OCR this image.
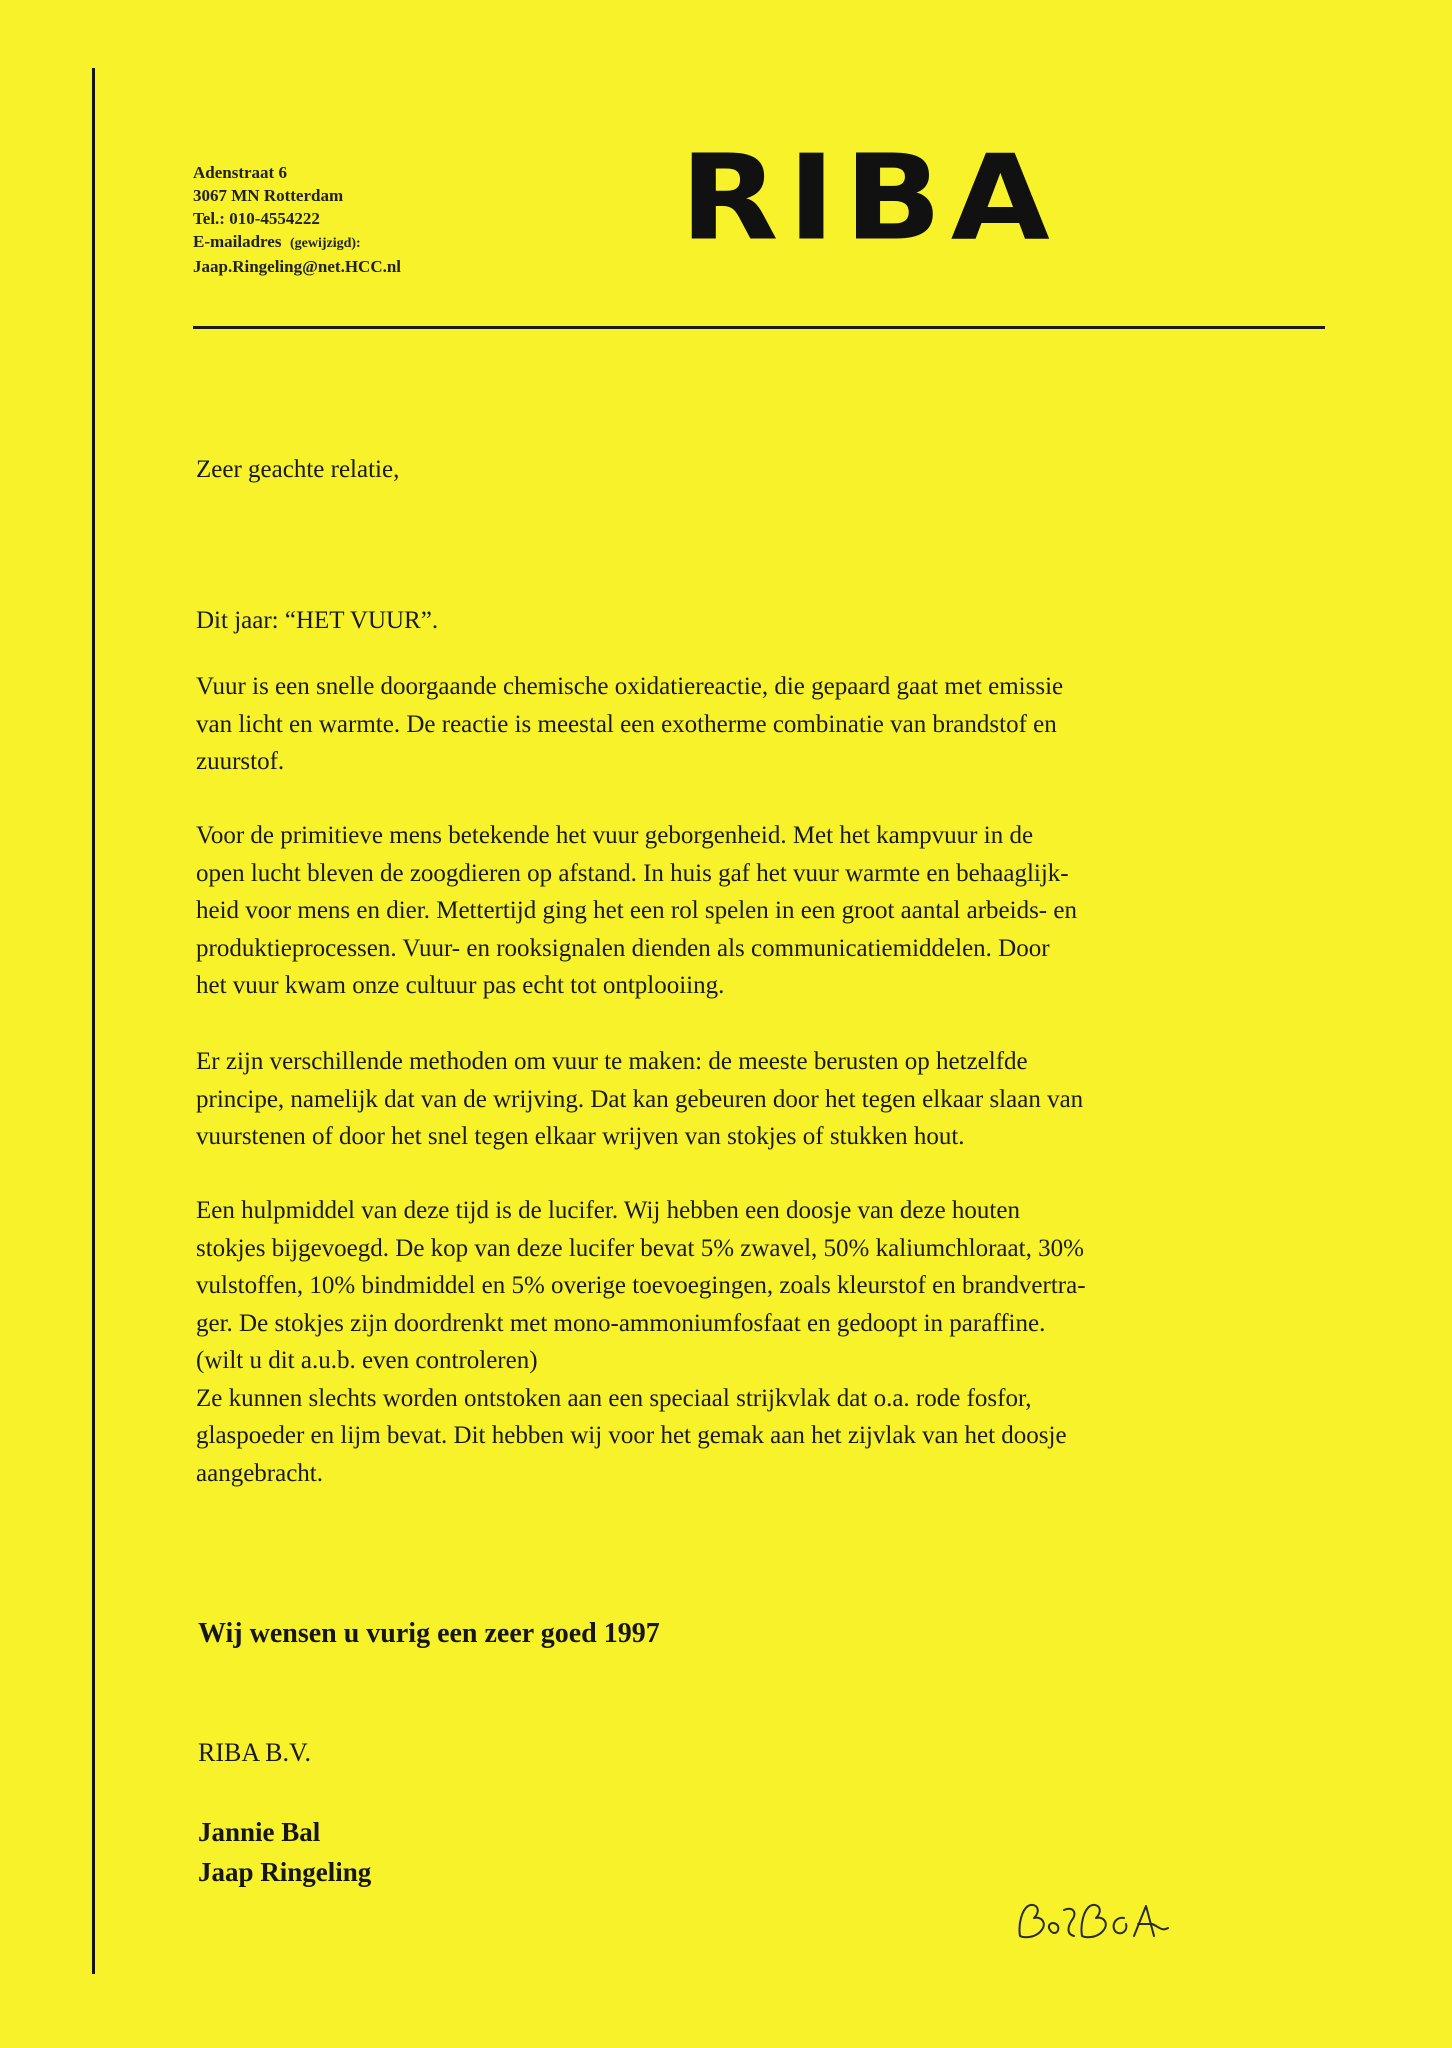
Adenstraat 6
3067 MN Rotterdam
Tel.: 010-4554222
E-mailadres (gewijzigd):
Jaap.Ringeling@net.HCC.nl RIBA
Zeer geachte relatie,
Dit jaar: “HET VUUR”.
Vuur is een snelle doorgaande chemische oxidatiereactie, die gepaard gaat met emissie
van licht en warmte. De reactie is meestal een exotherme combinatie van brandstof en
zuurstof.
Voor de primitieve mens betekende het vuur geborgenheid. Met het kampvuur in de
open lucht bleven de zoogdieren op afstand. In huis gaf het vuur warmte en behaaglijk-
heid voor mens en dier. Mettertijd ging het een rol spelen in een groot aantal arbeids- en
produktieprocessen. Vuur- en rooksignalen dienden als communicatiemiddelen. Door
het vuur kwam onze cultuur pas echt tot ontplooiing.
Er zijn verschillende methoden om vuur te maken: de meeste berusten op hetzelfde
principe, namelijk dat van de wrijving. Dat kan gebeuren door het tegen elkaar slaan van
vuurstenen of door het snel tegen elkaar wrijven van stokjes of stukken hout.
Een hulpmiddel van deze tijd is de lucifer. Wij hebben een doosje van deze houten
stokjes bijgevoegd. De kop van deze lucifer bevat 5% zwavel, 50% kaliumchloraat, 30%
vulstoffen, 10% bindmiddel en 5% overige toevoegingen, zoals kleurstof en brandvertra-
ger. De stokjes zijn doordrenkt met mono-ammoniumfosfaat en gedoopt in paraffine.
(wilt u dit a.u.b. even controleren)
Ze kunnen slechts worden ontstoken aan een speciaal strijkvlak dat o.a. rode fosfor,
glaspoeder en lijm bevat. Dit hebben wij voor het gemak aan het zijvlak van het doosje
aangebracht.
Wij wensen u vurig een zeer goed 1997
RIBA B.V.
Jannie Bal
Jaap Ringeling
